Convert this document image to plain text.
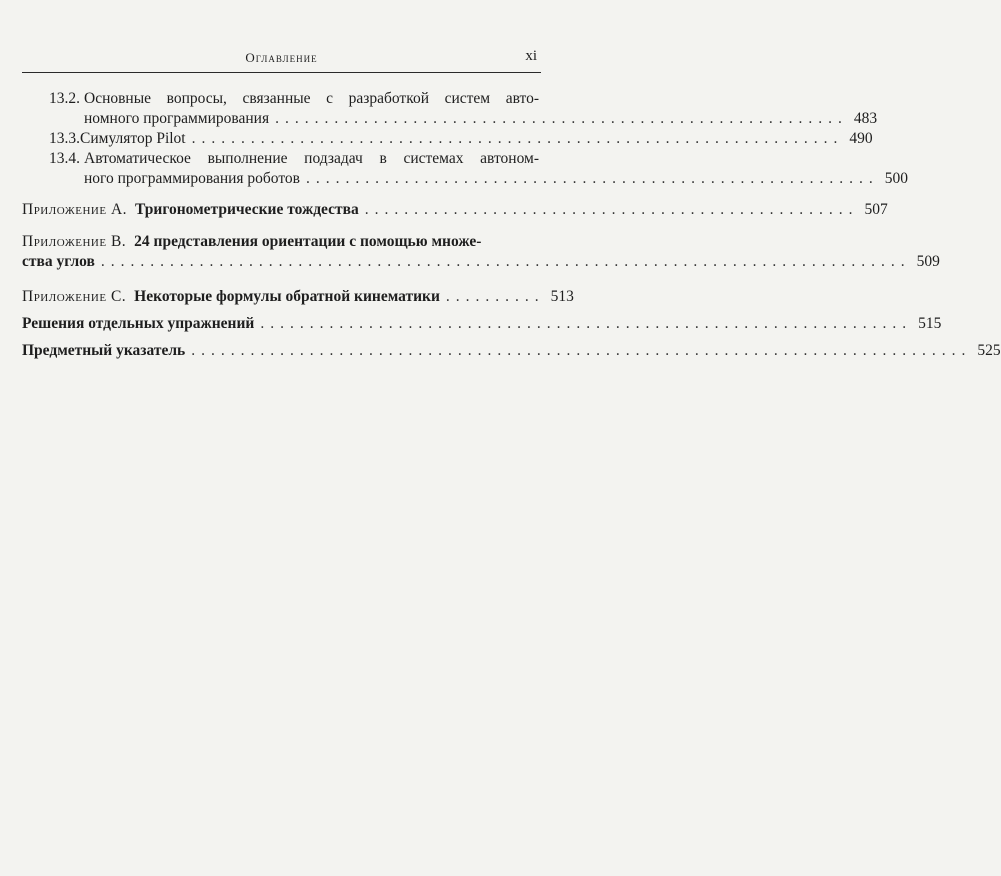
Оглавление	xi
13.2. Основные вопросы, связанные с разработкой систем авто-
номного программирования .......................................................... 483
13.3. Симулятор Pilot .................................................................. 490
13.4. Автоматическое выполнение подзадач в системах автоном-
ного программирования роботов .......................................................... 500
Приложение A. Тригонометрические тождества .................................................. 507
Приложение B. 24 представления ориентации с помощью множе-
ства углов .................................................................................. 509
Приложение C. Некоторые формулы обратной кинематики .......... 513
Решения отдельных упражнений .................................................................. 515
Предметный указатель ............................................................................... 525
